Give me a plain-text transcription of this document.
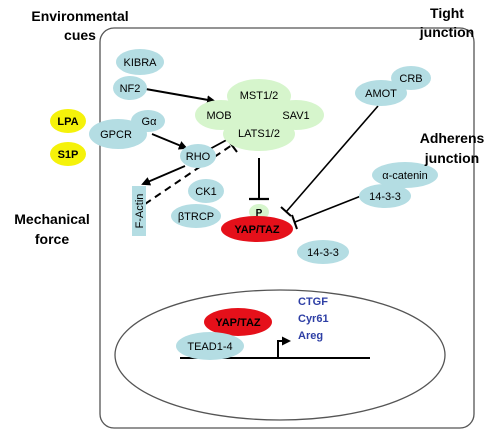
Environmental
cues
Tight
junction
Adherens
junction
Mechanical
force
KIBRA
NF2
LPA
S1P
GPCR
Gα
RHO
F-Actin
MST1/2
MOB	SAV1
LATS1/2
CK1
βTRCP	P
YAP/TAZ
14-3-3
AMOT
CRB
α-catenin
14-3-3
YAP/TAZ
TEAD1-4
CTGF
Cyr61
Areg
